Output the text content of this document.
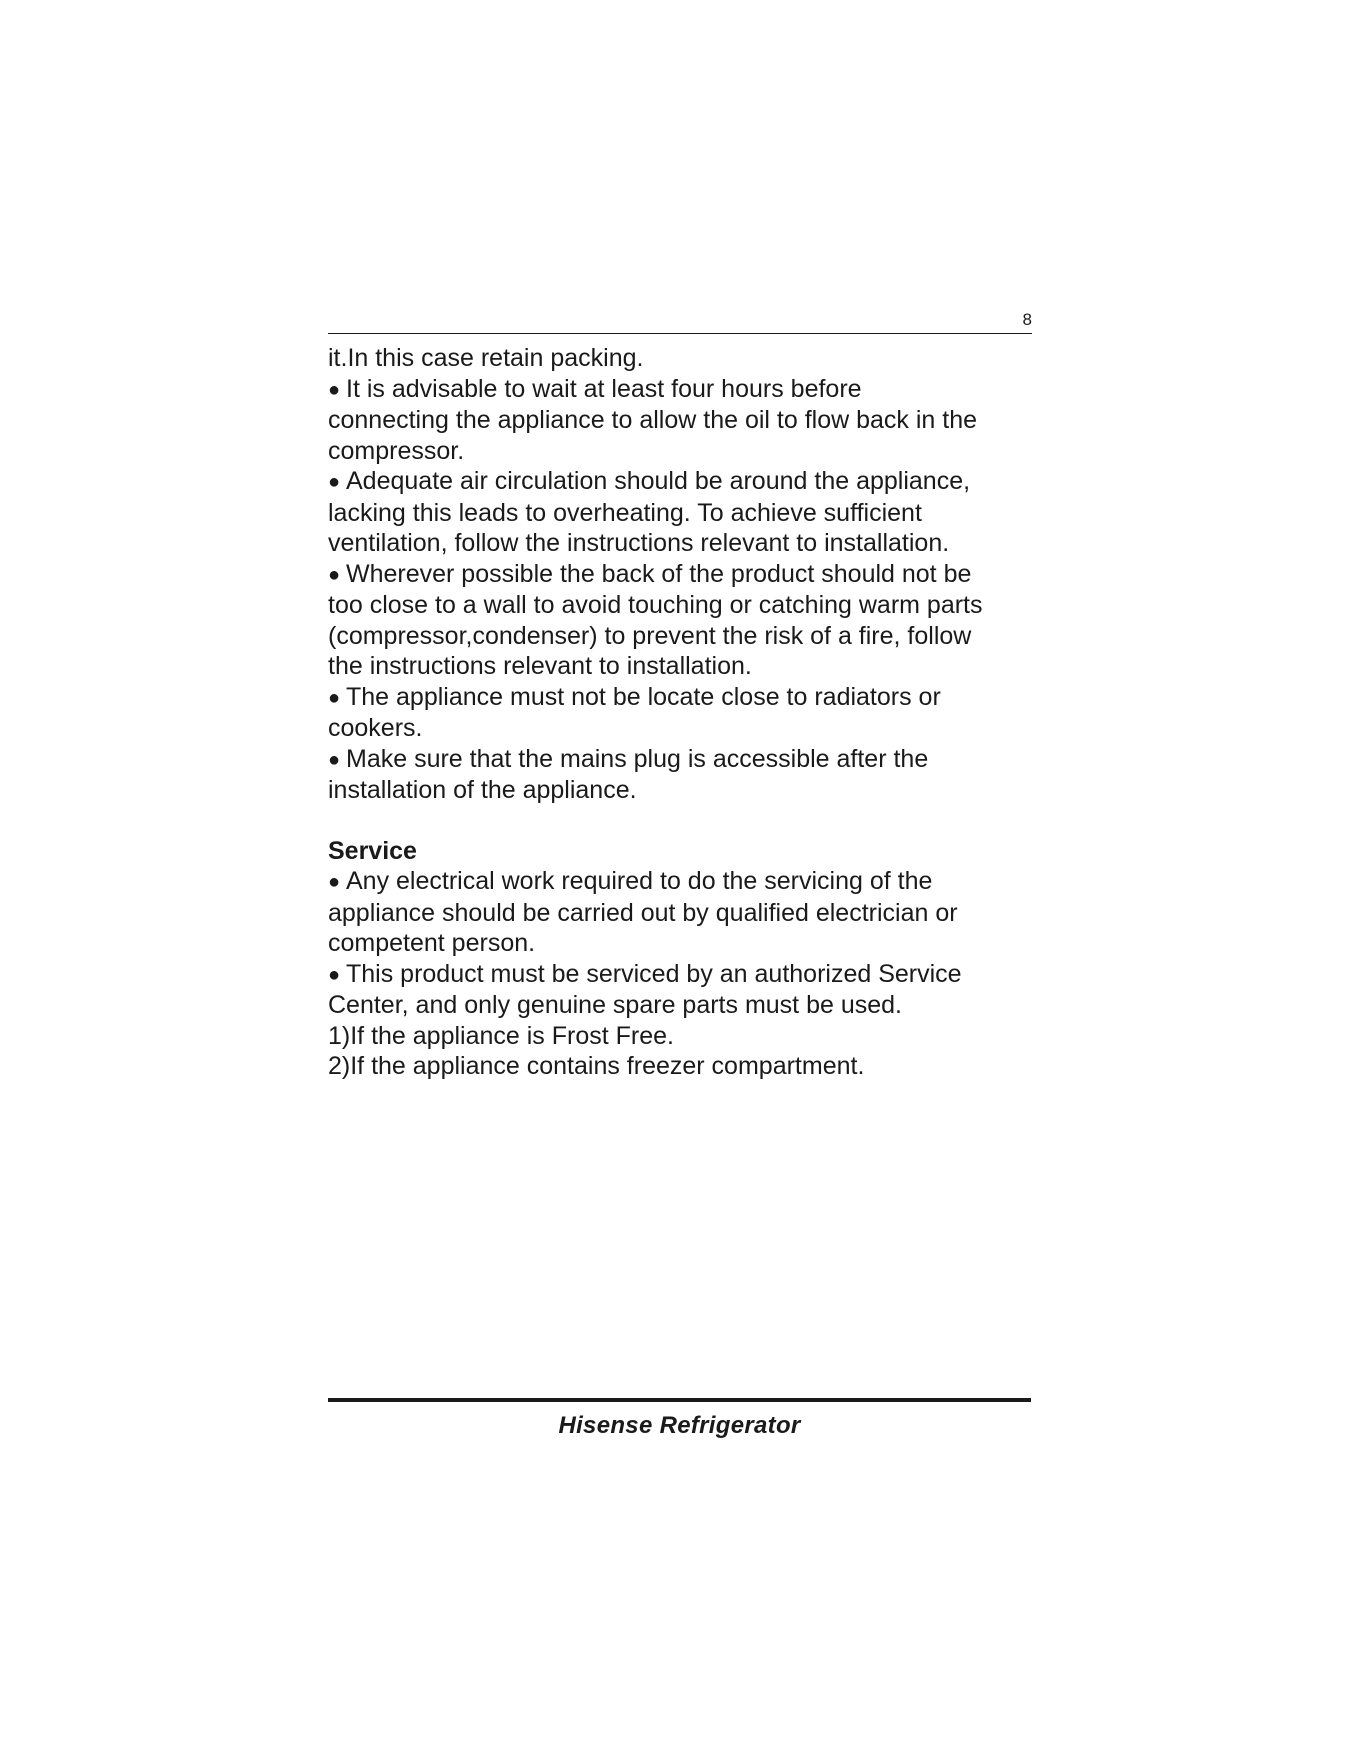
8

it.In this case retain packing.

● It is advisable to wait at least four hours before

connecting the appliance to allow the oil to flow back in the

compressor.

● Adequate air circulation should be around the appliance,

lacking this leads to overheating. To achieve sufficient

ventilation, follow the instructions relevant to installation.

● Wherever possible the back of the product should not be

too close to a wall to avoid touching or catching warm parts

(compressor,condenser) to prevent the risk of a fire, follow

the instructions relevant to installation.

● The appliance must not be locate close to radiators or

cookers.

● Make sure that the mains plug is accessible after the

installation of the appliance.

Service

● Any electrical work required to do the servicing of the

appliance should be carried out by qualified electrician or

competent person.

● This product must be serviced by an authorized Service

Center, and only genuine spare parts must be used.

1)If the appliance is Frost Free.

2)If the appliance contains freezer compartment.

Hisense Refrigerator
